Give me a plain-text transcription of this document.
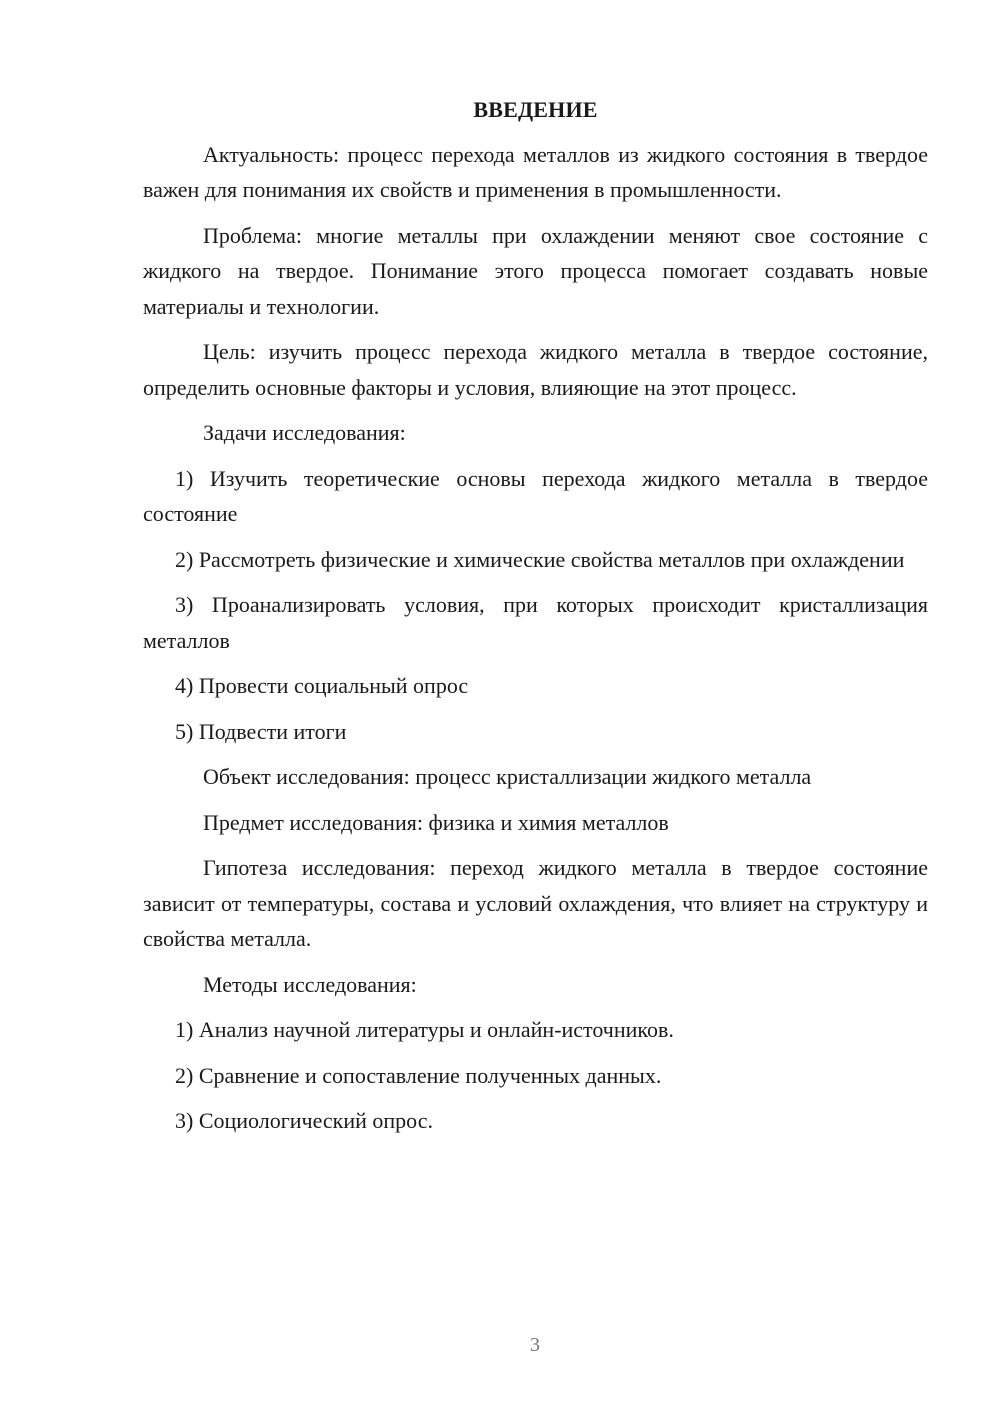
ВВЕДЕНИЕ

Актуальность: процесс перехода металлов из жидкого состояния в твердое важен для понимания их свойств и применения в промышленности.

Проблема: многие металлы при охлаждении меняют свое состояние с жидкого на твердое. Понимание этого процесса помогает создавать новые материалы и технологии.

Цель: изучить процесс перехода жидкого металла в твердое состояние, определить основные факторы и условия, влияющие на этот процесс.

Задачи исследования:

1) Изучить теоретические основы перехода жидкого металла в твердое состояние

2) Рассмотреть физические и химические свойства металлов при охлаждении

3) Проанализировать условия, при которых происходит кристаллизация металлов

4) Провести социальный опрос

5) Подвести итоги

Объект исследования: процесс кристаллизации жидкого металла

Предмет исследования: физика и химия металлов

Гипотеза исследования: переход жидкого металла в твердое состояние зависит от температуры, состава и условий охлаждения, что влияет на структуру и свойства металла.

Методы исследования:

1) Анализ научной литературы и онлайн-источников.

2) Сравнение и сопоставление полученных данных.

3) Социологический опрос.

3
